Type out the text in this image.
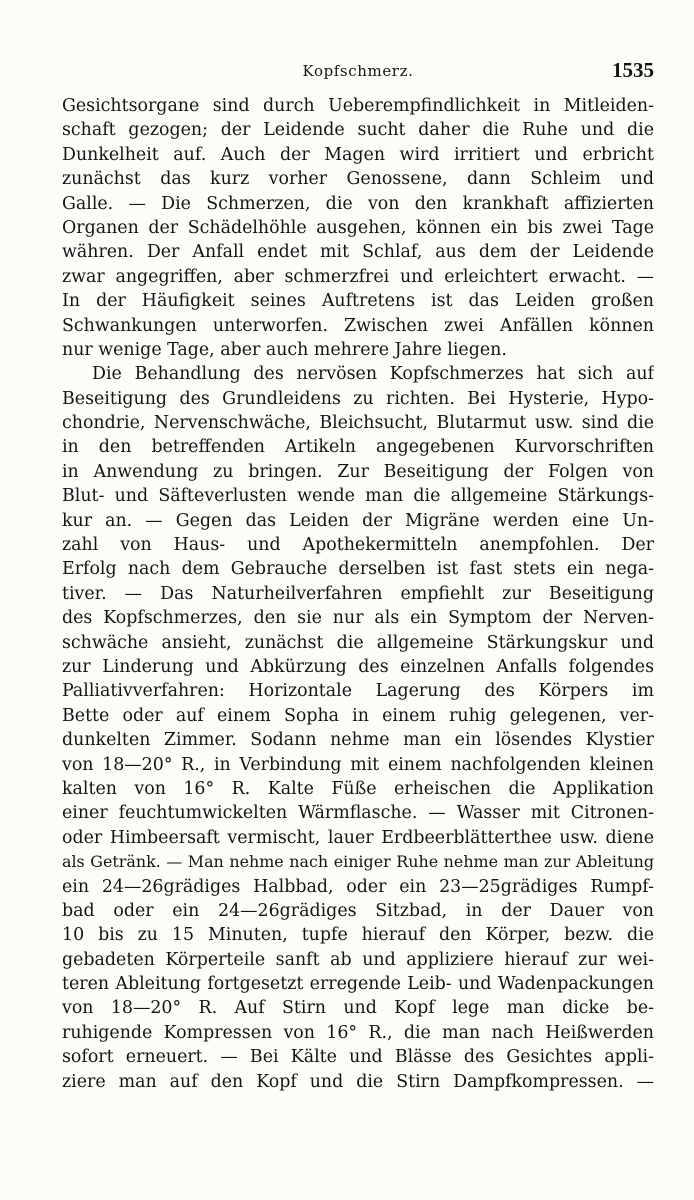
Kopfschmerz.	1535
Gesichtsorgane sind durch Ueberempfindlichkeit in Mitleiden-
schaft gezogen; der Leidende sucht daher die Ruhe und die
Dunkelheit auf. Auch der Magen wird irritiert und erbricht
zunächst das kurz vorher Genossene, dann Schleim und
Galle. — Die Schmerzen, die von den krankhaft affizierten
Organen der Schädelhöhle ausgehen, können ein bis zwei Tage
währen. Der Anfall endet mit Schlaf, aus dem der Leidende
zwar angegriffen, aber schmerzfrei und erleichtert erwacht. —
In der Häufigkeit seines Auftretens ist das Leiden großen
Schwankungen unterworfen. Zwischen zwei Anfällen können
nur wenige Tage, aber auch mehrere Jahre liegen.
Die Behandlung des nervösen Kopfschmerzes hat sich auf
Beseitigung des Grundleidens zu richten. Bei Hysterie, Hypo-
chondrie, Nervenschwäche, Bleichsucht, Blutarmut usw. sind die
in den betreffenden Artikeln angegebenen Kurvorschriften
in Anwendung zu bringen. Zur Beseitigung der Folgen von
Blut- und Säfteverlusten wende man die allgemeine Stärkungs-
kur an. — Gegen das Leiden der Migräne werden eine Un-
zahl von Haus- und Apothekermitteln anempfohlen. Der
Erfolg nach dem Gebrauche derselben ist fast stets ein nega-
tiver. — Das Naturheilverfahren empfiehlt zur Beseitigung
des Kopfschmerzes, den sie nur als ein Symptom der Nerven-
schwäche ansieht, zunächst die allgemeine Stärkungskur und
zur Linderung und Abkürzung des einzelnen Anfalls folgendes
Palliativverfahren: Horizontale Lagerung des Körpers im
Bette oder auf einem Sopha in einem ruhig gelegenen, ver-
dunkelten Zimmer. Sodann nehme man ein lösendes Klystier
von 18—20° R., in Verbindung mit einem nachfolgenden kleinen
kalten von 16° R. Kalte Füße erheischen die Applikation
einer feuchtumwickelten Wärmflasche. — Wasser mit Citronen-
oder Himbeersaft vermischt, lauer Erdbeerblätterthee usw. diene
als Getränk. — Man nehme nach einiger Ruhe nehme man zur Ableitung
ein 24—26grädiges Halbbad, oder ein 23—25grädiges Rumpf-
bad oder ein 24—26grädiges Sitzbad, in der Dauer von
10 bis zu 15 Minuten, tupfe hierauf den Körper, bezw. die
gebadeten Körperteile sanft ab und appliziere hierauf zur wei-
teren Ableitung fortgesetzt erregende Leib- und Wadenpackungen
von 18—20° R. Auf Stirn und Kopf lege man dicke be-
ruhigende Kompressen von 16° R., die man nach Heißwerden
sofort erneuert. — Bei Kälte und Blässe des Gesichtes appli-
ziere man auf den Kopf und die Stirn Dampfkompressen. —
